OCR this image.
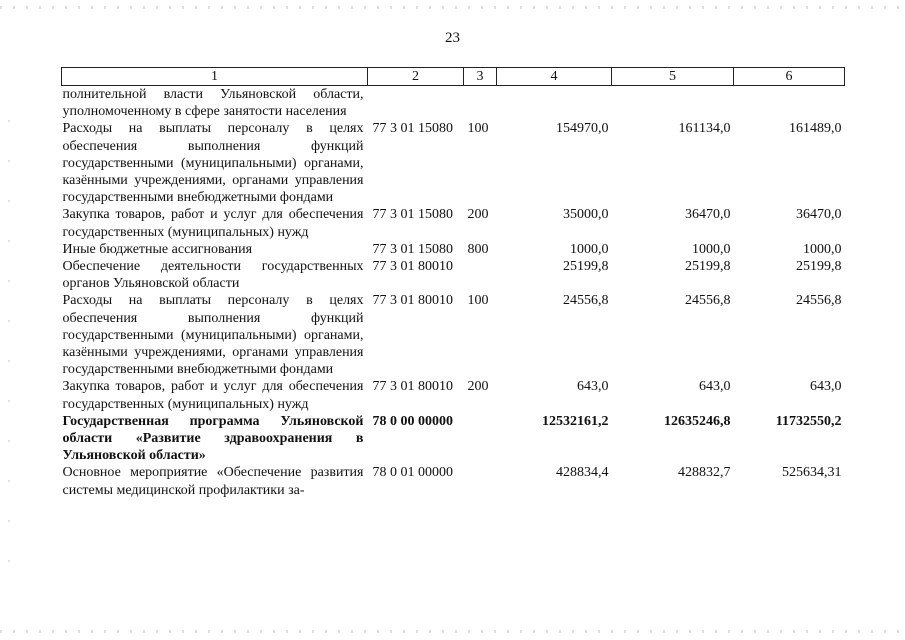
23
1	2	3	4	5	6
полнительной власти Ульяновской области, уполномоченному в сфере занятости населения					
Расходы на выплаты персоналу в целях обеспечения выполнения функций государственными (муниципальными) органами, казёнными учреждениями, органами управления государственными внебюджетными фондами	77 3 01 15080	100	154970,0	161134,0	161489,0
Закупка товаров, работ и услуг для обеспечения государственных (муниципальных) нужд	77 3 01 15080	200	35000,0	36470,0	36470,0
Иные бюджетные ассигнования	77 3 01 15080	800	1000,0	1000,0	1000,0
Обеспечение деятельности государственных органов Ульяновской области	77 3 01 80010		25199,8	25199,8	25199,8
Расходы на выплаты персоналу в целях обеспечения выполнения функций государственными (муниципальными) органами, казёнными учреждениями, органами управления государственными внебюджетными фондами	77 3 01 80010	100	24556,8	24556,8	24556,8
Закупка товаров, работ и услуг для обеспечения государственных (муниципальных) нужд	77 3 01 80010	200	643,0	643,0	643,0
Государственная программа Ульяновской области «Развитие здравоохранения в Ульяновской области»	78 0 00 00000		12532161,2	12635246,8	11732550,2
Основное мероприятие «Обеспечение развития системы медицинской профилактики за-	78 0 01 00000		428834,4	428832,7	525634,31
